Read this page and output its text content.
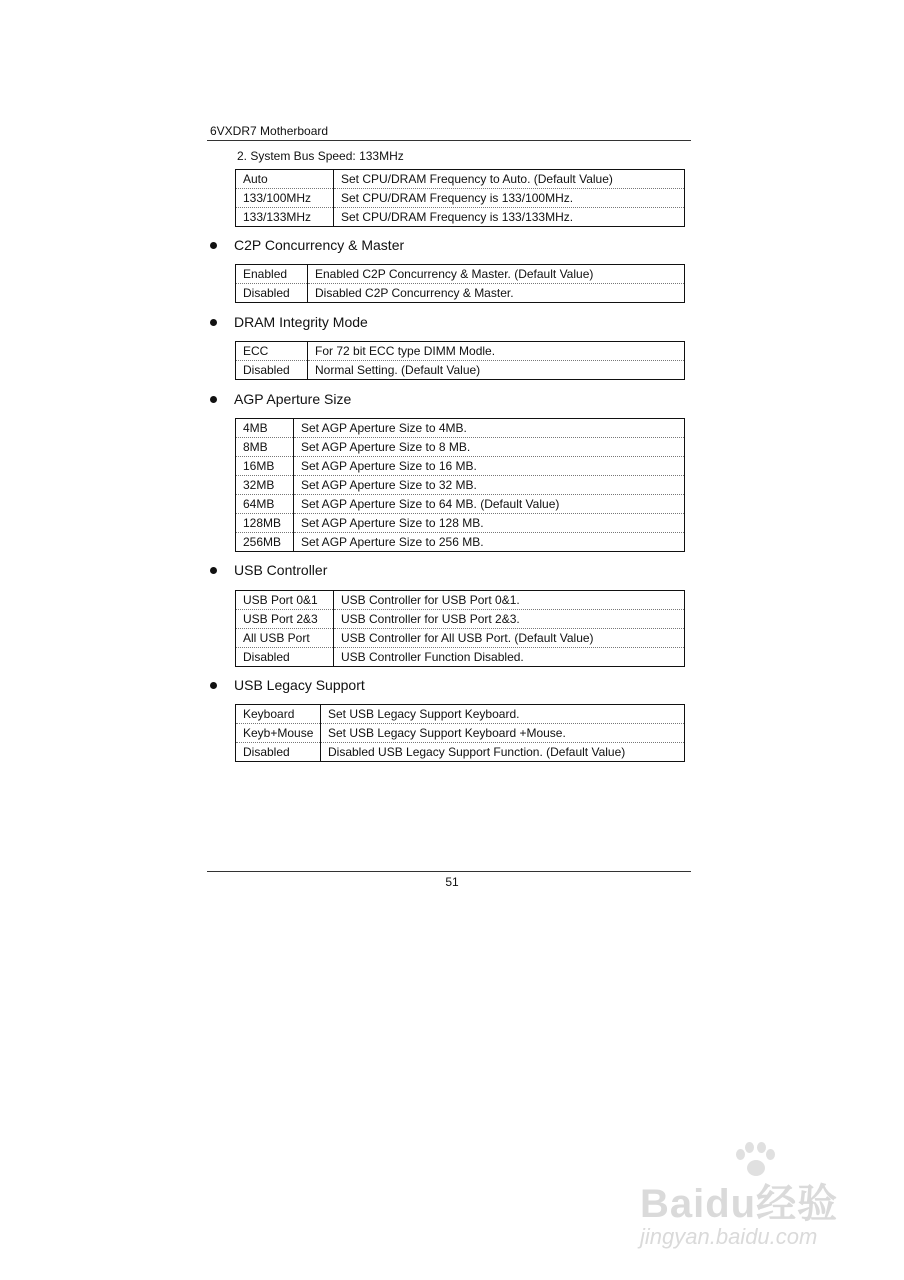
6VXDR7 Motherboard
2. System Bus Speed: 133MHz
Auto	Set CPU/DRAM Frequency to Auto. (Default Value)
133/100MHz	Set CPU/DRAM Frequency is 133/100MHz.
133/133MHz	Set CPU/DRAM Frequency is 133/133MHz.
C2P Concurrency & Master
Enabled	Enabled C2P Concurrency & Master. (Default Value)
Disabled	Disabled C2P Concurrency & Master.
DRAM Integrity Mode
ECC	For 72 bit ECC type DIMM Modle.
Disabled	Normal Setting. (Default Value)
AGP Aperture Size
4MB	Set AGP Aperture Size to 4MB.
8MB	Set AGP Aperture Size to 8 MB.
16MB	Set AGP Aperture Size to 16 MB.
32MB	Set AGP Aperture Size to 32 MB.
64MB	Set AGP Aperture Size to 64 MB. (Default Value)
128MB	Set AGP Aperture Size to 128 MB.
256MB	Set AGP Aperture Size to 256 MB.
USB Controller
USB Port 0&1	USB Controller for USB Port 0&1.
USB Port 2&3	USB Controller for USB Port 2&3.
All USB Port	USB Controller for All USB Port. (Default Value)
Disabled	USB Controller Function Disabled.
USB Legacy Support
Keyboard	Set USB Legacy Support Keyboard.
Keyb+Mouse	Set USB Legacy Support Keyboard +Mouse.
Disabled	Disabled USB Legacy Support Function. (Default Value)
51
Baidu经验
jingyan.baidu.com
